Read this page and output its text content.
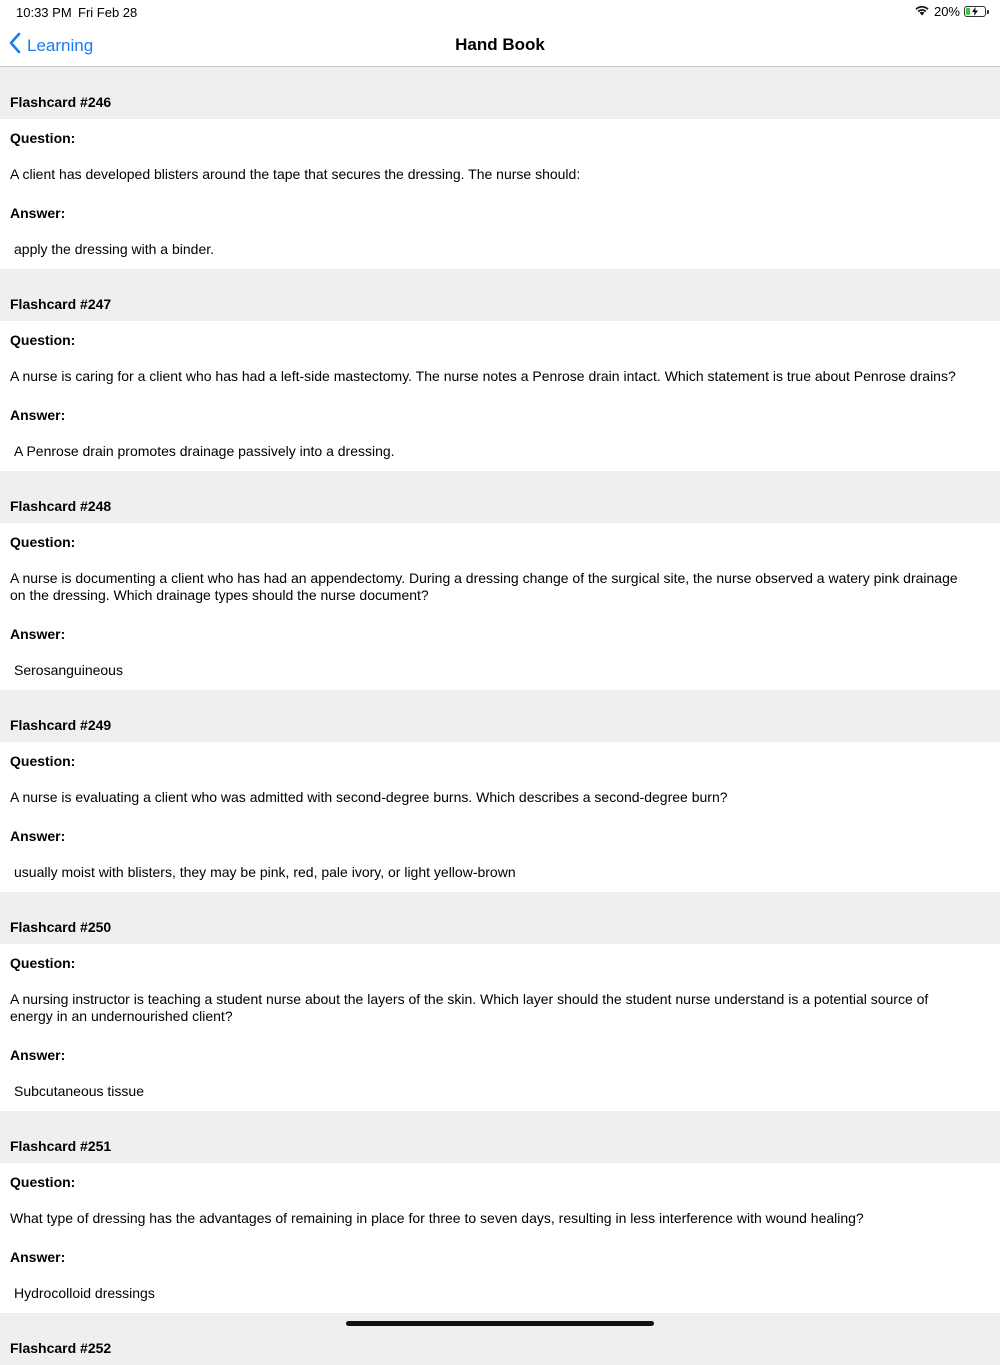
10:33 PM Fri Feb 28	20%
Learning	Hand Book
Flashcard #246
Question:
A client has developed blisters around the tape that secures the dressing. The nurse should:
Answer:
apply the dressing with a binder.
Flashcard #247
Question:
A nurse is caring for a client who has had a left-side mastectomy. The nurse notes a Penrose drain intact. Which statement is true about Penrose drains?
Answer:
A Penrose drain promotes drainage passively into a dressing.
Flashcard #248
Question:
A nurse is documenting a client who has had an appendectomy. During a dressing change of the surgical site, the nurse observed a watery pink drainage on the dressing. Which drainage types should the nurse document?
Answer:
Serosanguineous
Flashcard #249
Question:
A nurse is evaluating a client who was admitted with second-degree burns. Which describes a second-degree burn?
Answer:
usually moist with blisters, they may be pink, red, pale ivory, or light yellow-brown
Flashcard #250
Question:
A nursing instructor is teaching a student nurse about the layers of the skin. Which layer should the student nurse understand is a potential source of energy in an undernourished client?
Answer:
Subcutaneous tissue
Flashcard #251
Question:
What type of dressing has the advantages of remaining in place for three to seven days, resulting in less interference with wound healing?
Answer:
Hydrocolloid dressings
Flashcard #252
